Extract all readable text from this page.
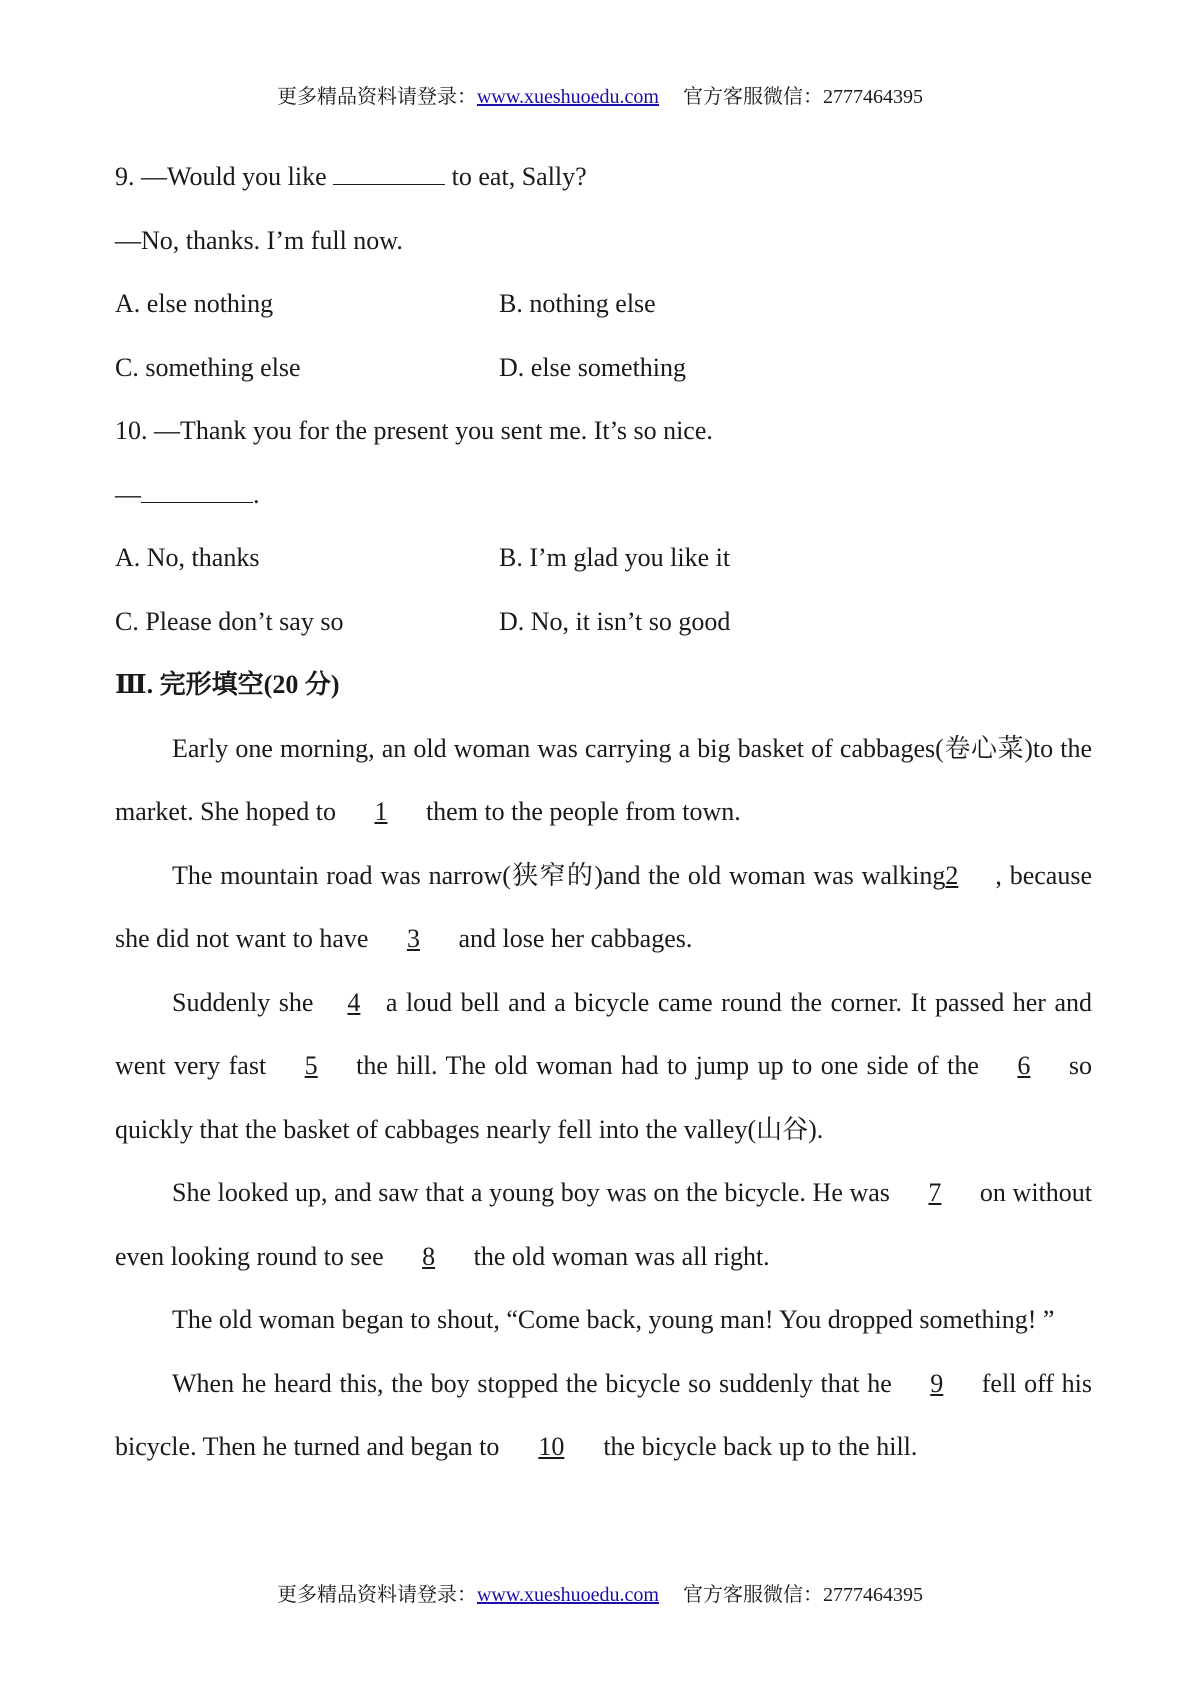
更多精品资料请登录：www.xueshuoedu.com 官方客服微信：2777464395
9. —Would you like	to eat, Sally?
—No, thanks. I’m full now.
A. else nothing	B. nothing else
C. something else	D. else something
10. —Thank you for the present you sent me. It’s so nice.
—	.
A. No, thanks	B. I’m glad you like it
C. Please don’t say so	D. No, it isn’t so good
Ⅲ. 完形填空(20 分)
Early one morning, an old woman was carrying a big basket of cabbages(卷心菜)to the market. She hoped to 1 them to the people from town.
The mountain road was narrow(狭窄的)and the old woman was walking2 , because she did not want to have 3 and lose her cabbages.
Suddenly she 4 a loud bell and a bicycle came round the corner. It passed her and went very fast 5 the hill. The old woman had to jump up to one side of the 6 so quickly that the basket of cabbages nearly fell into the valley(山谷).
She looked up, and saw that a young boy was on the bicycle. He was 7 on without even looking round to see 8 the old woman was all right.
The old woman began to shout, “Come back, young man! You dropped something! ”
When he heard this, the boy stopped the bicycle so suddenly that he 9 fell off his bicycle. Then he turned and began to 10 the bicycle back up to the hill.
更多精品资料请登录：www.xueshuoedu.com 官方客服微信：2777464395
